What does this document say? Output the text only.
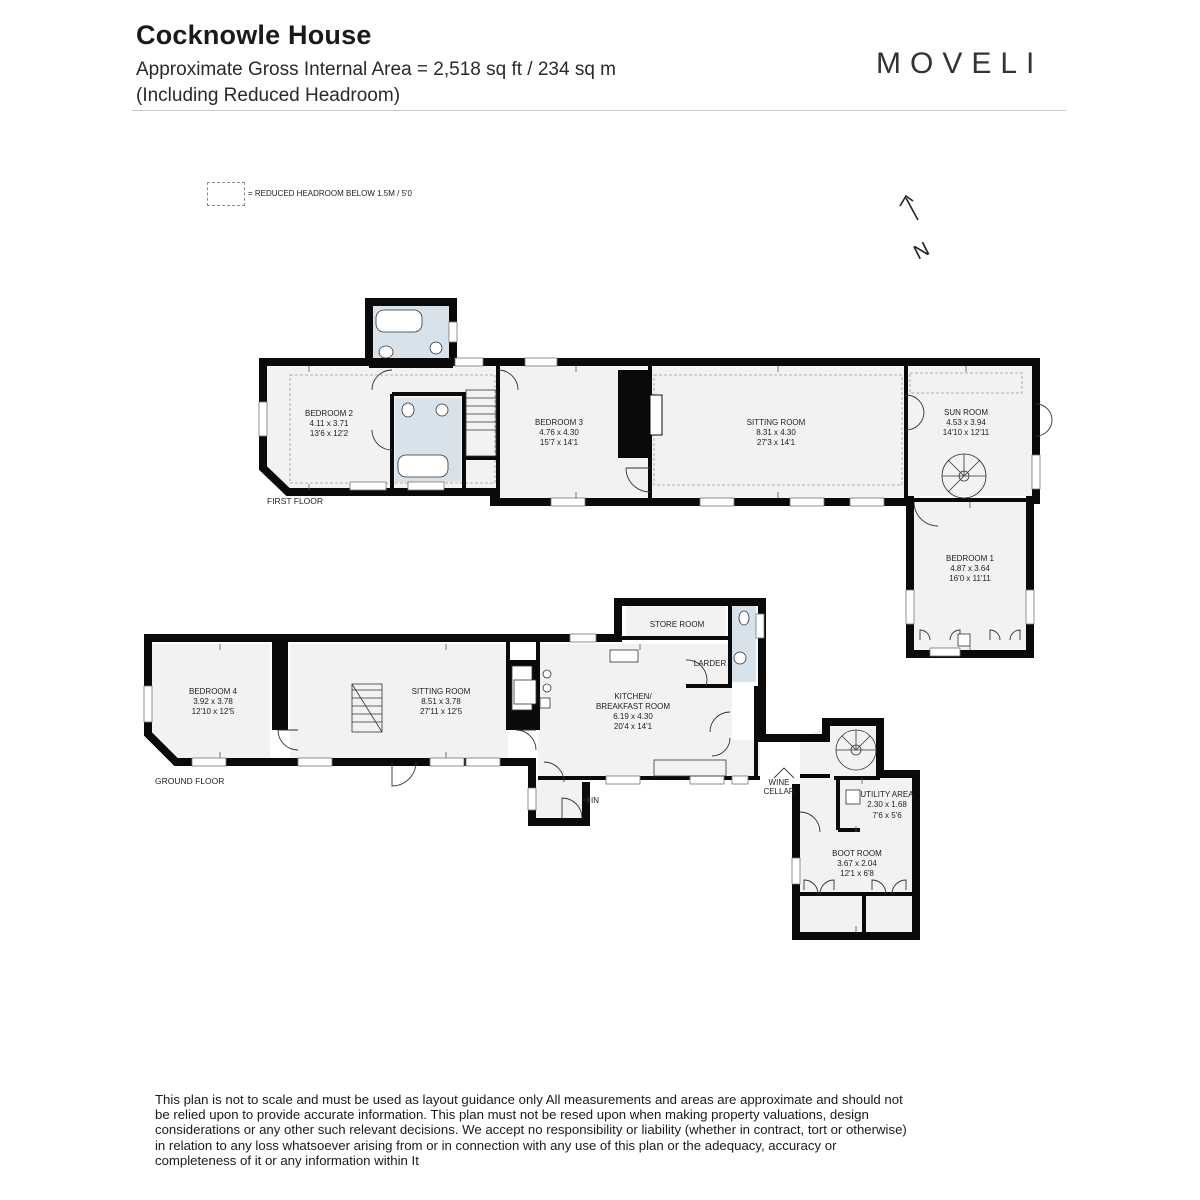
Cocknowle House

Approximate Gross Internal Area = 2,518 sq ft / 234 sq m

(Including Reduced Headroom)

MOVELI
= REDUCED HEADROOM BELOW 1.5M / 5'0
N
BEDROOM 2
4.11 x 3.71
13'6 x 12'2
BEDROOM 3
4.76 x 4.30
15'7 x 14'1
SITTING ROOM
8.31 x 4.30
27'3 x 14'1
SUN ROOM
4.53 x 3.94
14'10 x 12'11
BEDROOM 1
4.87 x 3.64
16'0 x 11'11
FIRST FLOOR
BEDROOM 4
3.92 x 3.78
12'10 x 12'5
SITTING ROOM
8.51 x 3.78
27'11 x 12'5
KITCHEN/
BREAKFAST ROOM
6.19 x 4.30
20'4 x 14'1
STORE ROOM
LARDER
UTILITY AREA
2.30 x 1.68
7'6 x 5'6
BOOT ROOM
3.67 x 2.04
12'1 x 6'8
WINE
CELLAR
IN
GROUND FLOOR

This plan is not to scale and must be used as layout guidance only All measurements and areas are approximate and should not be relied upon to provide accurate information. This plan must not be resed upon when making property valuations, design considerations or any other such relevant decisions. We accept no responsibility or liability (whether in contract, tort or otherwise) in relation to any loss whatsoever arising from or in connection with any use of this plan or the adequacy, accuracy or completeness of it or any information within It
